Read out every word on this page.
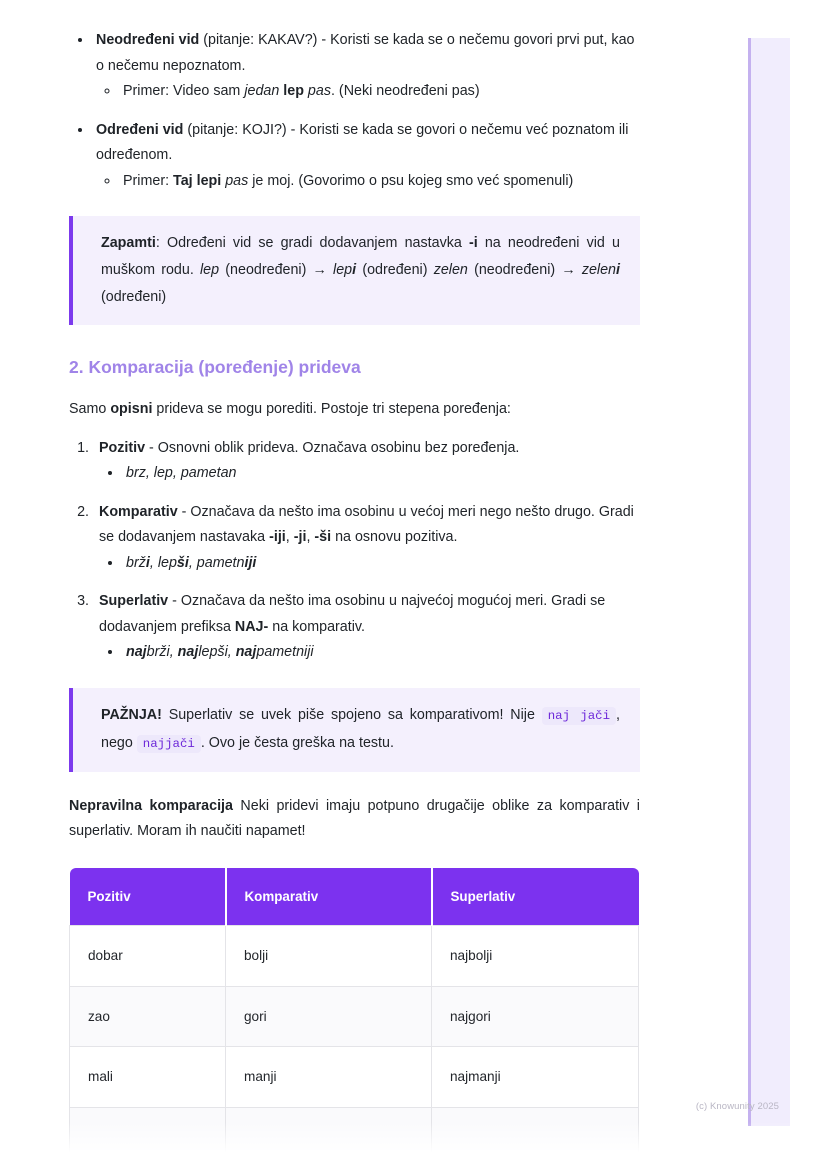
• Neodređeni vid (pitanje: KAKAV?) - Koristi se kada se o nečemu govori prvi put, kao o nečemu nepoznatom.
◦ Primer: Video sam jedan lep pas. (Neki neodređeni pas)
• Određeni vid (pitanje: KOJI?) - Koristi se kada se govori o nečemu već poznatom ili određenom.
◦ Primer: Taj lepi pas je moj. (Govorimo o psu kojeg smo već spomenuli)
Zapamti: Određeni vid se gradi dodavanjem nastavka -i na neodređeni vid u muškom rodu. lep (neodređeni) → lepi (određeni) zelen (neodređeni) → zeleni (određeni)
2. Komparacija (poređenje) prideva

Samo opisni prideva se mogu porediti. Postoje tri stepena poređenja:

1. Pozitiv - Osnovni oblik prideva. Označava osobinu bez poređenja.
• brz, lep, pametan
2. Komparativ - Označava da nešto ima osobinu u većoj meri nego nešto drugo. Gradi se dodavanjem nastavaka -iji, -ji, -ši na osnovu pozitiva.
• brži, lepši, pametniji
3. Superlativ - Označava da nešto ima osobinu u najvećoj mogućoj meri. Gradi se dodavanjem prefiksa NAJ- na komparativ.
• najbrži, najlepši, najpametniji
PAŽNJA! Superlativ se uvek piše spojeno sa komparativom! Nije naj jači , nego najjači . Ovo je česta greška na testu.

Nepravilna komparacija Neki pridevi imaju potpuno drugačije oblike za komparativ i superlativ. Moram ih naučiti napamet!

Pozitiv	Komparativ	Superlativ
dobar	bolji	najbolji
zao	gori	najgori
mali	manji	najmanji

(c) Knowunity 2025
